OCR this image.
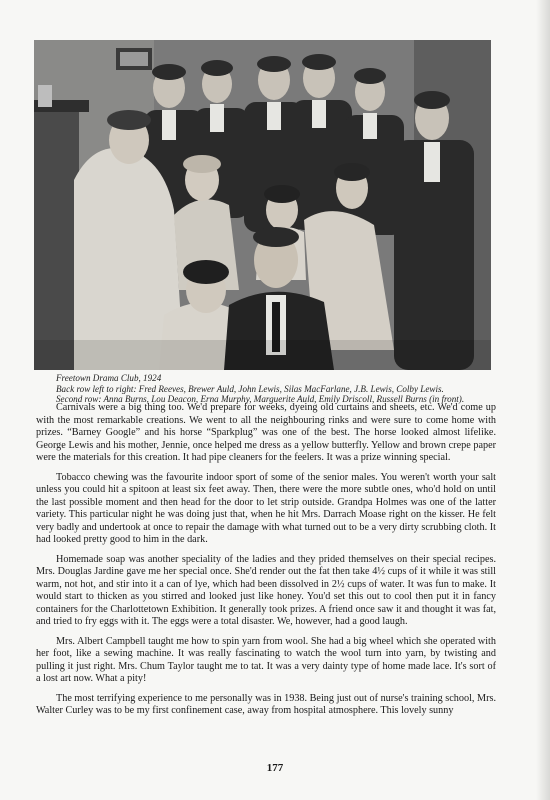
Freetown Drama Club, 1924
Back row left to right: Fred Reeves, Brewer Auld, John Lewis, Silas MacFarlane, J.B. Lewis, Colby Lewis.
Second row: Anna Burns, Lou Deacon, Erna Murphy, Marguerite Auld, Emily Driscoll, Russell Burns (in front).

Carnivals were a big thing too. We'd prepare for weeks, dyeing old curtains and sheets, etc. We'd come up with the most remarkable creations. We went to all the neighbouring rinks and were sure to come home with prizes. “Barney Google” and his horse “Sparkplug” was one of the best. The horse looked almost lifelike. George Lewis and his mother, Jennie, once helped me dress as a yellow butterfly. Yellow and brown crepe paper were the materials for this creation. It had pipe cleaners for the feelers. It was a prize winning special.

Tobacco chewing was the favourite indoor sport of some of the senior males. You weren't worth your salt unless you could hit a spitoon at least six feet away. Then, there were the more subtle ones, who'd hold on until the last possible moment and then head for the door to let strip outside. Grandpa Holmes was one of the latter variety. This particular night he was doing just that, when he hit Mrs. Darrach Moase right on the kisser. He felt very badly and undertook at once to repair the damage with what turned out to be a very dirty scrubbing cloth. It had looked pretty good to him in the dark.

Homemade soap was another speciality of the ladies and they prided themselves on their special recipes. Mrs. Douglas Jardine gave me her special once. She'd render out the fat then take 4½ cups of it while it was still warm, not hot, and stir into it a can of lye, which had been dissolved in 2½ cups of water. It was fun to make. It would start to thicken as you stirred and looked just like honey. You'd set this out to cool then put it in fancy containers for the Charlottetown Exhibition. It generally took prizes. A friend once saw it and thought it was fat, and tried to fry eggs with it. The eggs were a total disaster. We, however, had a good laugh.

Mrs. Albert Campbell taught me how to spin yarn from wool. She had a big wheel which she operated with her foot, like a sewing machine. It was really fascinating to watch the wool turn into yarn, by twisting and pulling it just right. Mrs. Chum Taylor taught me to tat. It was a very dainty type of home made lace. It's sort of a lost art now. What a pity!

The most terrifying experience to me personally was in 1938. Being just out of nurse's training school, Mrs. Walter Curley was to be my first confinement case, away from hospital atmosphere. This lovely sunny

177
